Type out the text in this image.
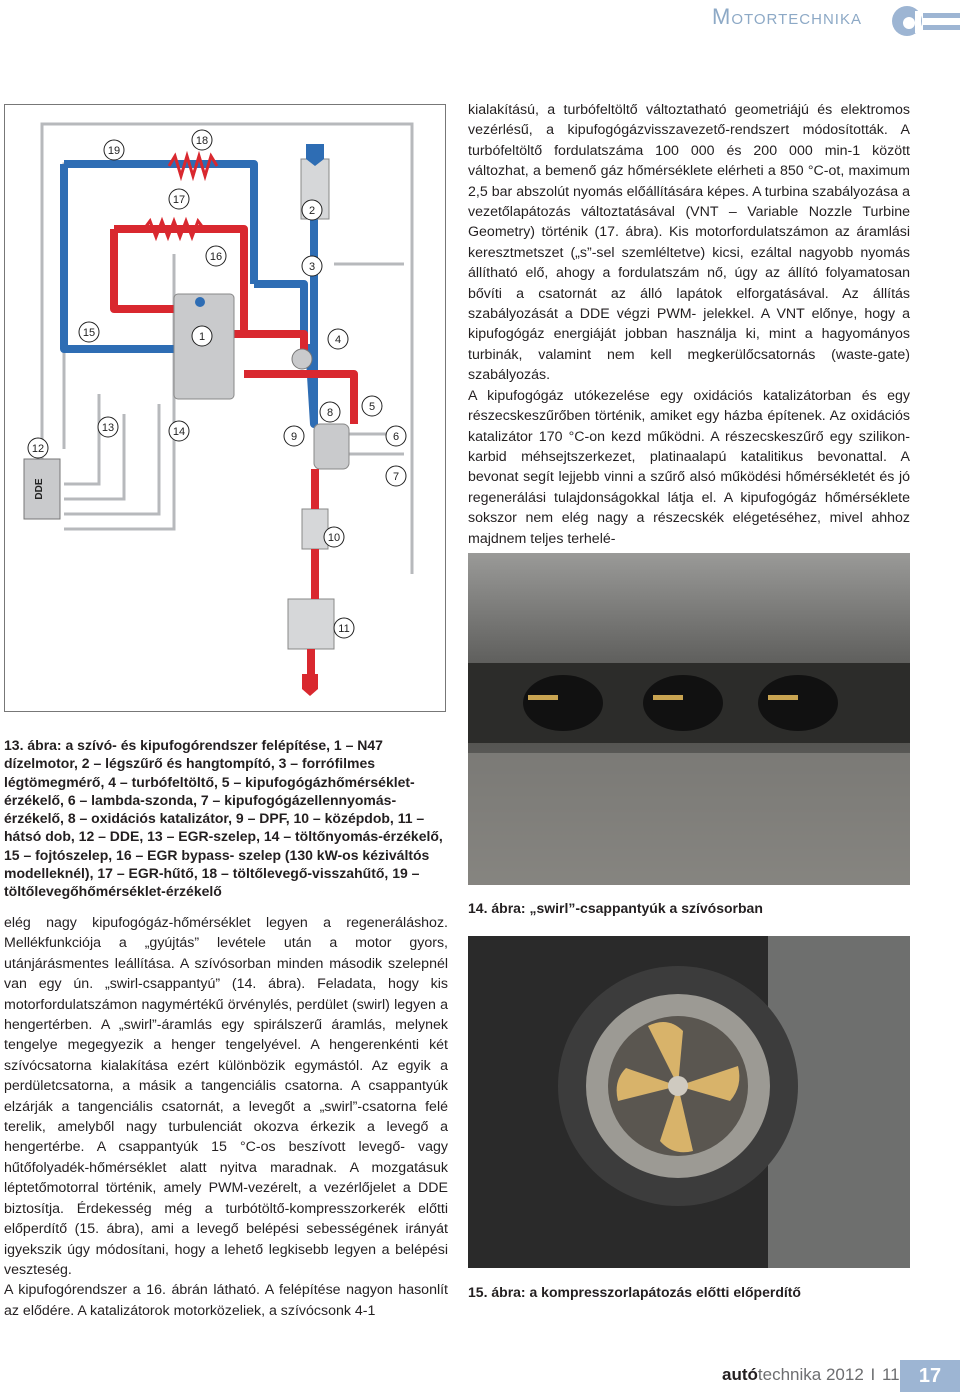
Motortechnika
DDE
19
18
17
16
15	1
2
3
4
5
6
7
8
9
10
11
12
13	14

kialakítású, a turbófeltöltő változtatható geometriájú és elektromos vezérlésű, a kipufogógázvisszavezető-rendszert módosították. A turbófeltöltő fordulatszáma 100 000 és 200 000 min-1 között változhat, a bemenő gáz hőmérséklete elérheti a 850 °C-ot, maximum 2,5 bar abszolút nyomás előállítására képes. A turbina szabályozása a vezetőlapátozás változtatásával (VNT – Variable Nozzle Turbine Geometry) történik (17. ábra). Kis motorfordulatszámon az áramlási keresztmetszet („s”-sel szemléltetve) kicsi, ezáltal nagyobb nyomás állítható elő, ahogy a fordulatszám nő, úgy az állító folyamatosan bővíti a csatornát az álló lapátok elforgatásával. Az állítás szabályozását a DDE végzi PWM- jelekkel. A VNT előnye, hogy a kipufogógáz energiáját jobban használja ki, mint a hagyományos turbinák, valamint nem kell megkerülőcsatornás (waste-gate) szabályozás.

A kipufogógáz utókezelése egy oxidációs katalizátorban és egy részecskeszűrőben történik, amiket egy házba építenek. Az oxidációs katalizátor 170 °C-on kezd működni. A részecskeszűrő egy szilikon-karbid méhsejtszerkezet, platinaalapú katalitikus bevonattal. A bevonat segít lejjebb vinni a szűrő alsó működési hőmérsékletét és jó regenerálási tulajdonságokkal látja el. A kipufogógáz hőmérséklete sokszor nem elég nagy a részecskék elégetéséhez, mivel ahhoz majdnem teljes terhelé-

14. ábra: „swirl”-csappantyúk a szívósorban
15. ábra: a kompresszorlapátozás előtti előperdítő
13. ábra: a szívó- és kipufogórendszer felépítése, 1 – N47 dízelmotor, 2 – légszűrő és hangtompító, 3 – forrófilmes légtömegmérő, 4 – turbófeltöltő, 5 – kipufogógázhőmérséklet-érzékelő, 6 – lambda-szonda, 7 – kipufogógázellennyomás-érzékelő, 8 – oxidációs katalizátor, 9 – DPF, 10 – középdob, 11 – hátsó dob, 12 – DDE, 13 – EGR-szelep, 14 – töltőnyomás-érzékelő, 15 – fojtószelep, 16 – EGR bypass- szelep (130 kW-os kéziváltós modelleknél), 17 – EGR-hűtő, 18 – töltőlevegő-visszahűtő, 19 – töltőlevegőhőmérséklet-érzékelő

elég nagy kipufogógáz-hőmérséklet legyen a regeneráláshoz. Mellékfunkciója a „gyújtás” levétele után a motor gyors, utánjárásmentes leállítása. A szívósorban minden második szelepnél van egy ún. „swirl-csappantyú” (14. ábra). Feladata, hogy kis motorfordulatszámon nagymértékű örvénylés, perdület (swirl) legyen a hengertérben. A „swirl”-áramlás egy spirálszerű áramlás, melynek tengelye megegyezik a henger tengelyével. A hengerenkénti két szívócsatorna kialakítása ezért különbözik egymástól. Az egyik a perdületcsatorna, a másik a tangenciális csatorna. A csappantyúk elzárják a tangenciális csatornát, a levegőt a „swirl”-csatorna felé terelik, amelyből nagy turbulenciát okozva érkezik a levegő a hengertérbe. A csappantyúk 15 °C-os beszívott levegő- vagy hűtőfolyadék-hőmérséklet alatt nyitva maradnak. A mozgatásuk léptetőmotorral történik, amely PWM-vezérelt, a vezérlőjelet a DDE biztosítja. Érdekesség még a turbótöltő-kompresszorkerék előtti előperdítő (15. ábra), ami a levegő belépési sebességének irányát igyekszik úgy módosítani, hogy a lehető legkisebb legyen a belépési veszteség.

A kipufogórendszer a 16. ábrán látható. A felépítése nagyon hasonlít az elődére. A katalizátorok motorközeliek, a szívócsonk 4-1

autótechnika 2012 I 11 17
